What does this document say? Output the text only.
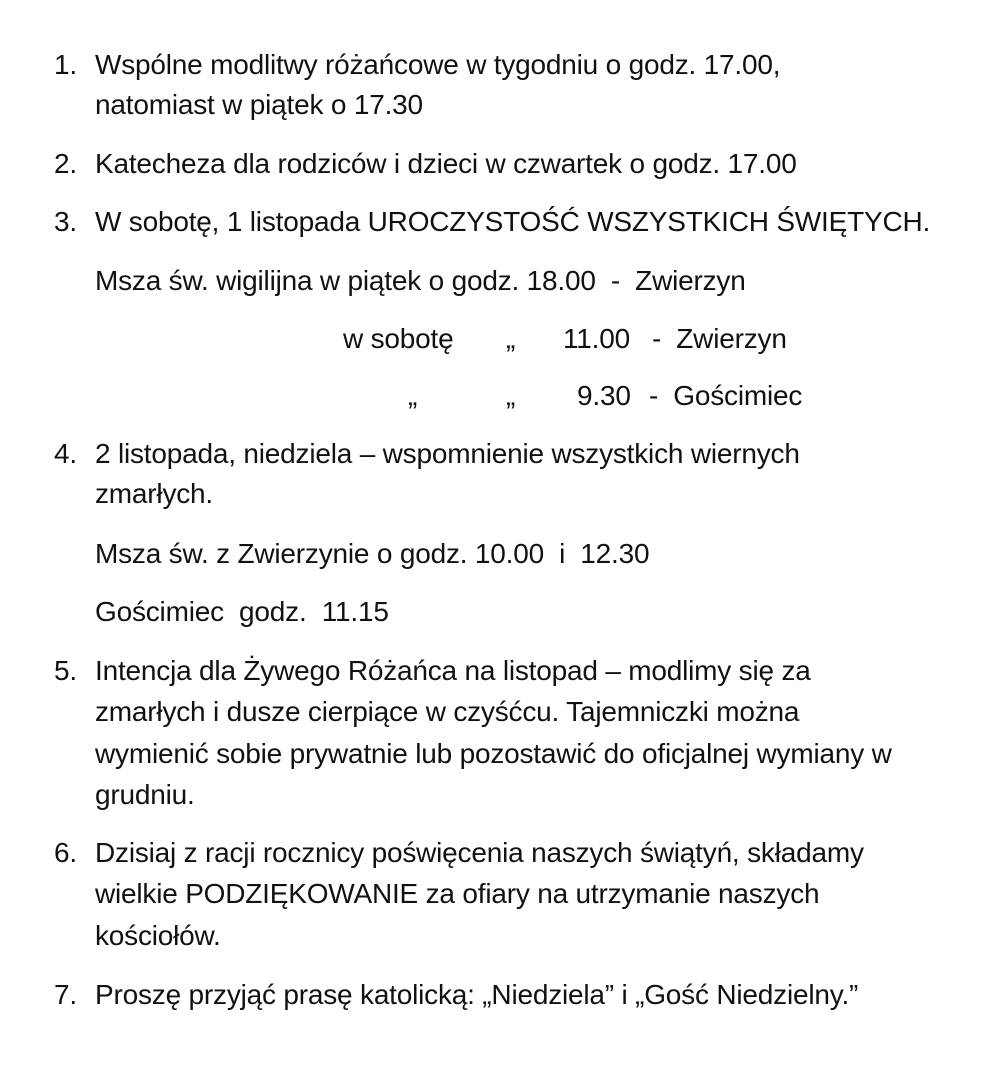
1. Wspólne modlitwy różańcowe w tygodniu o godz. 17.00,
natomiast w piątek o 17.30
2. Katecheza dla rodziców i dzieci w czwartek o godz. 17.00
3. W sobotę, 1 listopada UROCZYSTOŚĆ WSZYSTKICH ŚWIĘTYCH.
Msza św. wigilijna w piątek o godz. 18.00  -  Zwierzyn
w sobotę „ 11.00 -  Zwierzyn
„	„ 9.30 -  Gościmiec
4. 2 listopada, niedziela – wspomnienie wszystkich wiernych
zmarłych.
Msza św. z Zwierzynie o godz. 10.00  i  12.30
Gościmiec  godz.  11.15
5. Intencja dla Żywego Różańca na listopad – modlimy się za
zmarłych i dusze cierpiące w czyśćcu. Tajemniczki można
wymienić sobie prywatnie lub pozostawić do oficjalnej wymiany w
grudniu.
6. Dzisiaj z racji rocznicy poświęcenia naszych świątyń, składamy
wielkie PODZIĘKOWANIE za ofiary na utrzymanie naszych
kościołów.
7. Proszę przyjąć prasę katolicką: „Niedziela” i „Gość Niedzielny.”
